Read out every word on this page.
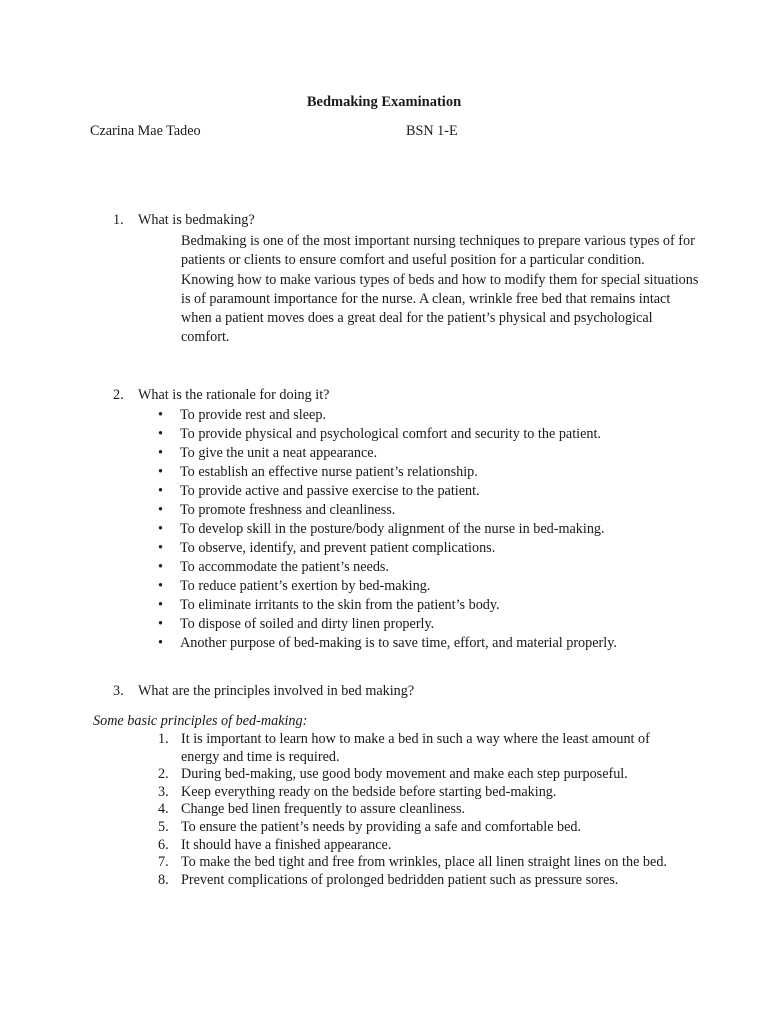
Bedmaking Examination
Czarina Mae Tadeo	BSN 1-E
1. What is bedmaking?

Bedmaking is one of the most important nursing techniques to prepare various types of for patients or clients to ensure comfort and useful position for a particular condition. Knowing how to make various types of beds and how to modify them for special situations is of paramount importance for the nurse. A clean, wrinkle free bed that remains intact when a patient moves does a great deal for the patient’s physical and psychological comfort.

2. What is the rationale for doing it?
• To provide rest and sleep.
• To provide physical and psychological comfort and security to the patient.
• To give the unit a neat appearance.
• To establish an effective nurse patient’s relationship.
• To provide active and passive exercise to the patient.
• To promote freshness and cleanliness.
• To develop skill in the posture/body alignment of the nurse in bed-making.
• To observe, identify, and prevent patient complications.
• To accommodate the patient’s needs.
• To reduce patient’s exertion by bed-making.
• To eliminate irritants to the skin from the patient’s body.
• To dispose of soiled and dirty linen properly.
• Another purpose of bed-making is to save time, effort, and material properly.
3. What are the principles involved in bed making?
Some basic principles of bed-making:
1. It is important to learn how to make a bed in such a way where the least amount of energy and time is required.
2. During bed-making, use good body movement and make each step purposeful.
3. Keep everything ready on the bedside before starting bed-making.
4. Change bed linen frequently to assure cleanliness.
5. To ensure the patient’s needs by providing a safe and comfortable bed.
6. It should have a finished appearance.
7. To make the bed tight and free from wrinkles, place all linen straight lines on the bed.
8. Prevent complications of prolonged bedridden patient such as pressure sores.
